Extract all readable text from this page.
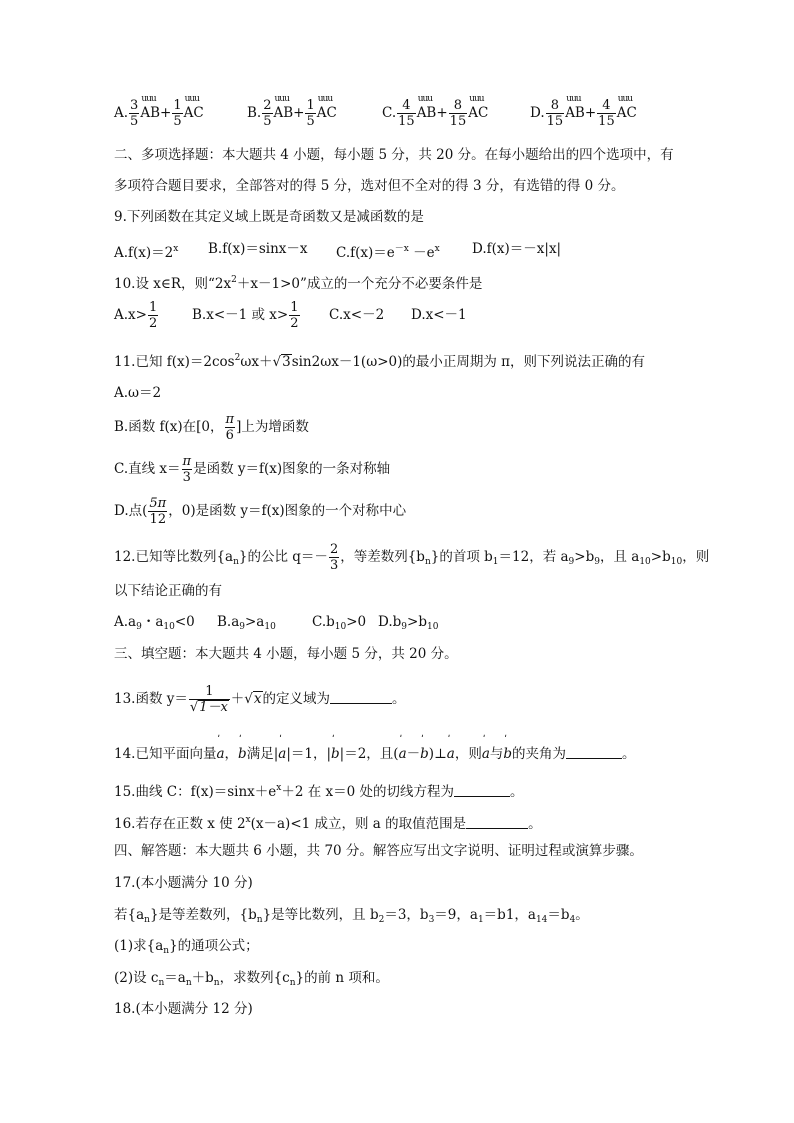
A. $\frac{3}{5}$ uuu
$AB+ \frac{1}{5}$ uuu
AC	B. $\frac{2}{5}$ uuu
$AB+ \frac{1}{5}$ uuu
AC	C. $\frac{4}{15}$ uuu
$AB+ \frac{8}{15}$ uuu
AC	D. $\frac{8}{15}$ uuu
$AB+ \frac{4}{15}$ uuu
AC
二、多项选择题：本大题共 4 小题，每小题 5 分，共 20 分。在每小题给出的四个选项中，有
多项符合题目要求，全部答对的得 5 分，选对但不全对的得 3 分，有选错的得 0 分。
9.下列函数在其定义域上既是奇函数又是减函数的是
$A.f(x)=2^x$ B.f(x)＝sinx－x $C.f(x)=e^{-x} -e^x$ D.f(x)＝－x|x|
10.设 x∈R，则“$2x^2+x-1>0$”成立的一个充分不必要条件是
$A.x> \frac{1}{2}$	B.x<－1 或 $x> \frac{1}{2} C.x<-2$ D.x<－1
11.已知 $f(x)=2\cos^2\omega x+√3\sin 2\omega x-1(\omega>0)$的最小正周期为 π，则下列说法正确的有
A.ω＝2
B.函数 f(x)在[0， $\frac{\pi}{6}$ ]上为增函数
C.直线 $x= \frac{\pi}{3}$ 是函数 y＝f(x)图象的一条对称轴
D.点( $\frac{5\pi}{12}$ ，0)是函数 y＝f(x)图象的一个对称中心
12.已知等比数列$\{a_n\}$的公比 $q=- \frac{2}{3}$ ，等差数列$\{b_n\}$的首项 $b_1=12$，若 $a_9>b_9$，且 $a_{10}>b_{10}$，则
以下结论正确的有
$A.a_9$・$a_{10}<0$ $B.a_9>a_{10}$	$C.b_{10}>0$ $D.b_9>b_{10}$
三、填空题：本大题共 4 小题，每小题 5 分，共 20 分。
13.函数 $y= \frac{1}{√1-x} +√x$的定义域为	。
14.已知平面向量
ˈ
a，
ˈ
b满足|
ˈ
a|＝1，|
ˈ
b|＝2，且(
ˈ
a－
ˈ
b)⊥
ˈ
a，则
ˈ
a与
ˈ
b的夹角为	。
15.曲线 C：$f(x)=\sin x+e^x+2$ 在 x＝0 处的切线方程为	。
16.若存在正数 x 使 $2^x(x-a)<1$ 成立，则 a 的取值范围是	。
四、解答题：本大题共 6 小题，共 70 分。解答应写出文字说明、证明过程或演算步骤。
17.(本小题满分 10 分)
若$\{a_n\}$是等差数列，$\{b_n\}$是等比数列，且 $b_2=3$，$b_3=9$，$a_1=b1$，$a_{14}=b_4$。
(1)求$\{a_n\}$的通项公式；
(2)设 $c_n=a_n+b_n$，求数列$\{c_n\}$的前 n 项和。
18.(本小题满分 12 分)
